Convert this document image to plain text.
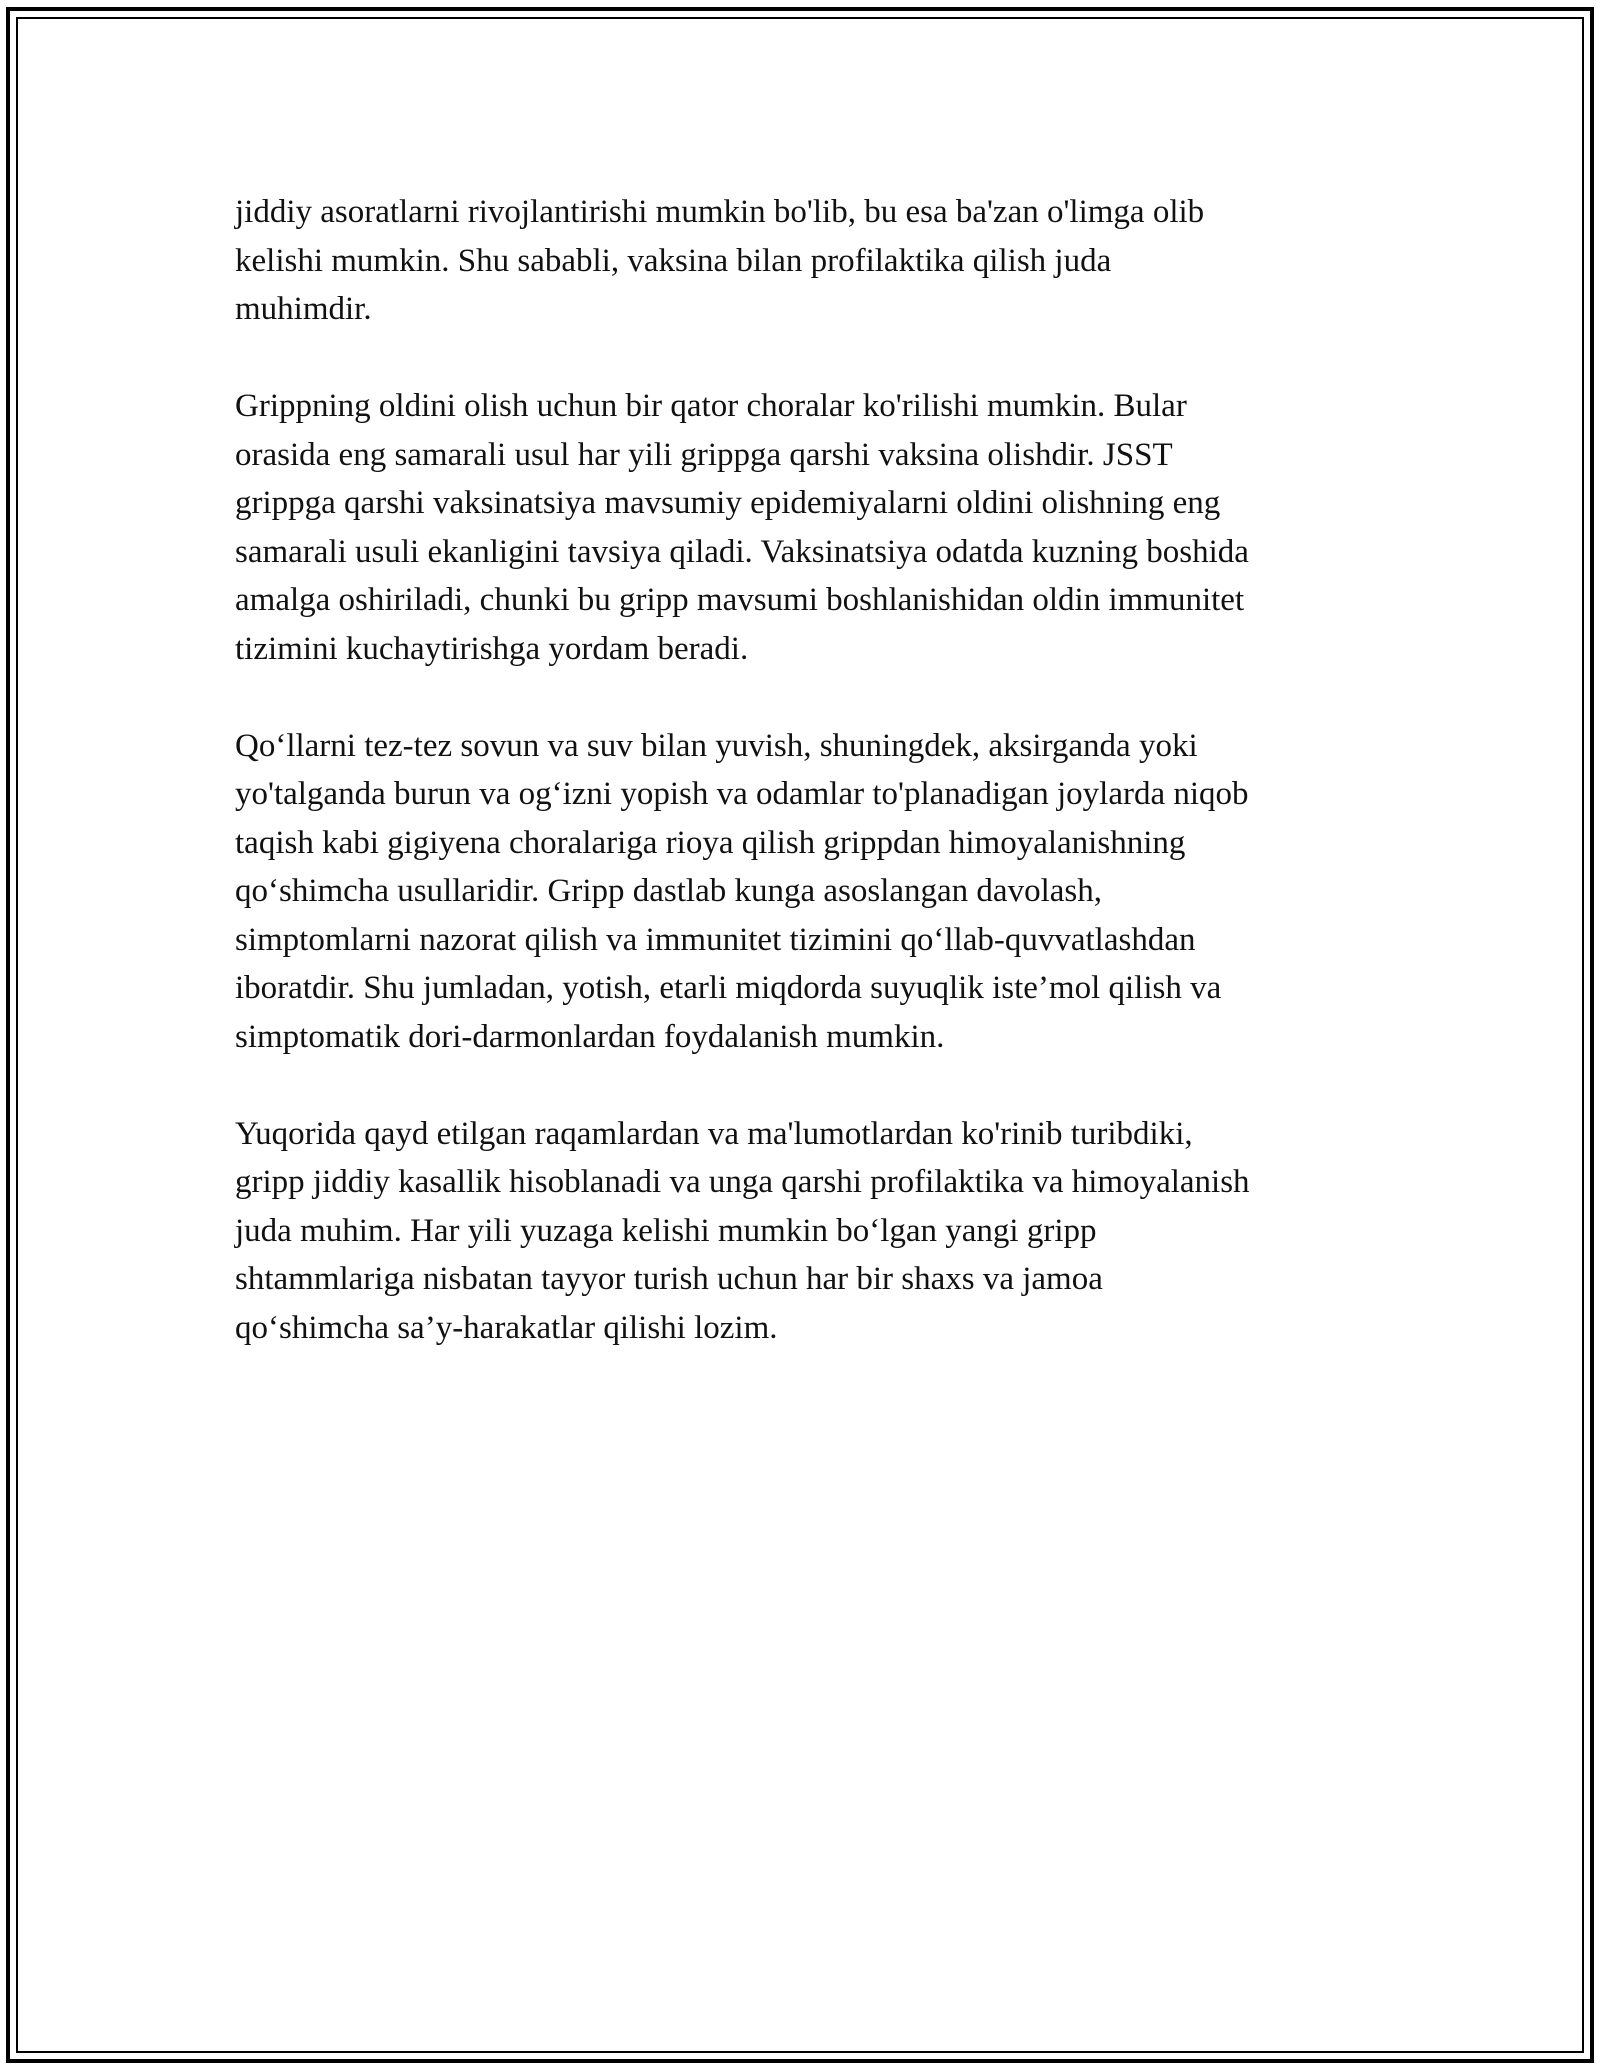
jiddiy asoratlarni rivojlantirishi mumkin bo'lib, bu esa ba'zan o'limga olib
kelishi mumkin. Shu sababli, vaksina bilan profilaktika qilish juda
muhimdir.

Grippning oldini olish uchun bir qator choralar ko'rilishi mumkin. Bular
orasida eng samarali usul har yili grippga qarshi vaksina olishdir. JSST
grippga qarshi vaksinatsiya mavsumiy epidemiyalarni oldini olishning eng
samarali usuli ekanligini tavsiya qiladi. Vaksinatsiya odatda kuzning boshida
amalga oshiriladi, chunki bu gripp mavsumi boshlanishidan oldin immunitet
tizimini kuchaytirishga yordam beradi.

Qo‘llarni tez-tez sovun va suv bilan yuvish, shuningdek, aksirganda yoki
yo'talganda burun va og‘izni yopish va odamlar to'planadigan joylarda niqob
taqish kabi gigiyena choralariga rioya qilish grippdan himoyalanishning
qo‘shimcha usullaridir. Gripp dastlab kunga asoslangan davolash,
simptomlarni nazorat qilish va immunitet tizimini qo‘llab-quvvatlashdan
iboratdir. Shu jumladan, yotish, etarli miqdorda suyuqlik iste’mol qilish va
simptomatik dori-darmonlardan foydalanish mumkin.

Yuqorida qayd etilgan raqamlardan va ma'lumotlardan ko'rinib turibdiki,
gripp jiddiy kasallik hisoblanadi va unga qarshi profilaktika va himoyalanish
juda muhim. Har yili yuzaga kelishi mumkin bo‘lgan yangi gripp
shtammlariga nisbatan tayyor turish uchun har bir shaxs va jamoa
qo‘shimcha sa’y-harakatlar qilishi lozim.
